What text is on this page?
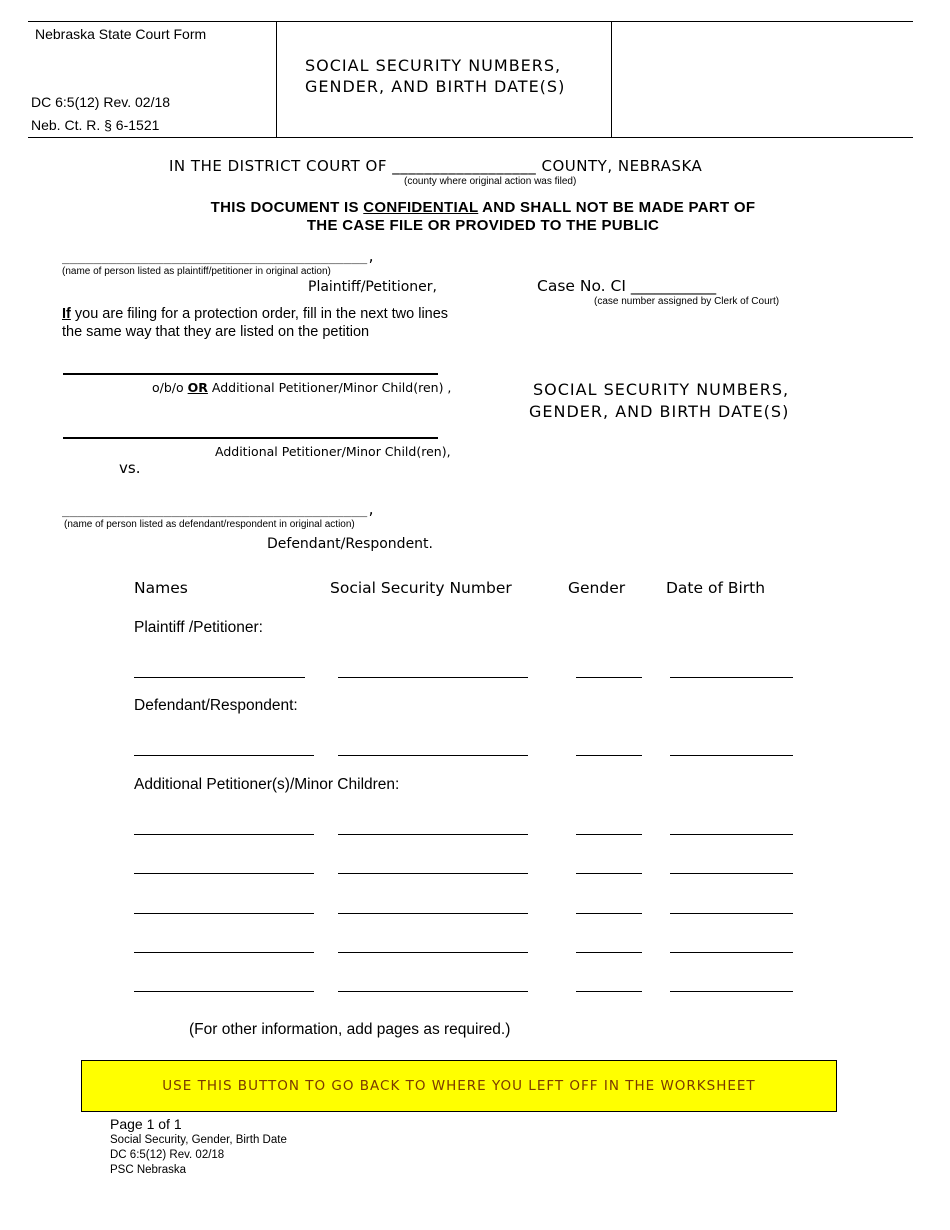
Nebraska State Court Form
DC 6:5(12) Rev. 02/18
Neb. Ct. R. § 6-1521
SOCIAL SECURITY NUMBERS,
GENDER, AND BIRTH DATE(S)
IN THE DISTRICT COURT OF __________________ COUNTY, NEBRASKA
(county where original action was filed)
THIS DOCUMENT IS CONFIDENTIAL AND SHALL NOT BE MADE PART OF
THE CASE FILE OR PROVIDED TO THE PUBLIC
_______________________________________,
(name of person listed as plaintiff/petitioner in original action)
Plaintiff/Petitioner,
If you are filing for a protection order, fill in the next two lines
the same way that they are listed on the petition
o/b/o OR Additional Petitioner/Minor Child(ren) ,
Additional Petitioner/Minor Child(ren),
vs.
_______________________________________,
(name of person listed as defendant/respondent in original action)
Defendant/Respondent.
Case No. CI ___________
(case number assigned by Clerk of Court)
SOCIAL SECURITY NUMBERS,
GENDER, AND BIRTH DATE(S)
Names	Social Security Number	Gender	Date of Birth
Plaintiff /Petitioner:
Defendant/Respondent:
Additional Petitioner(s)/Minor Children:
(For other information, add pages as required.)
USE THIS BUTTON TO GO BACK TO WHERE YOU LEFT OFF IN THE WORKSHEET
Page 1 of 1
Social Security, Gender, Birth Date
DC 6:5(12) Rev. 02/18
PSC Nebraska
